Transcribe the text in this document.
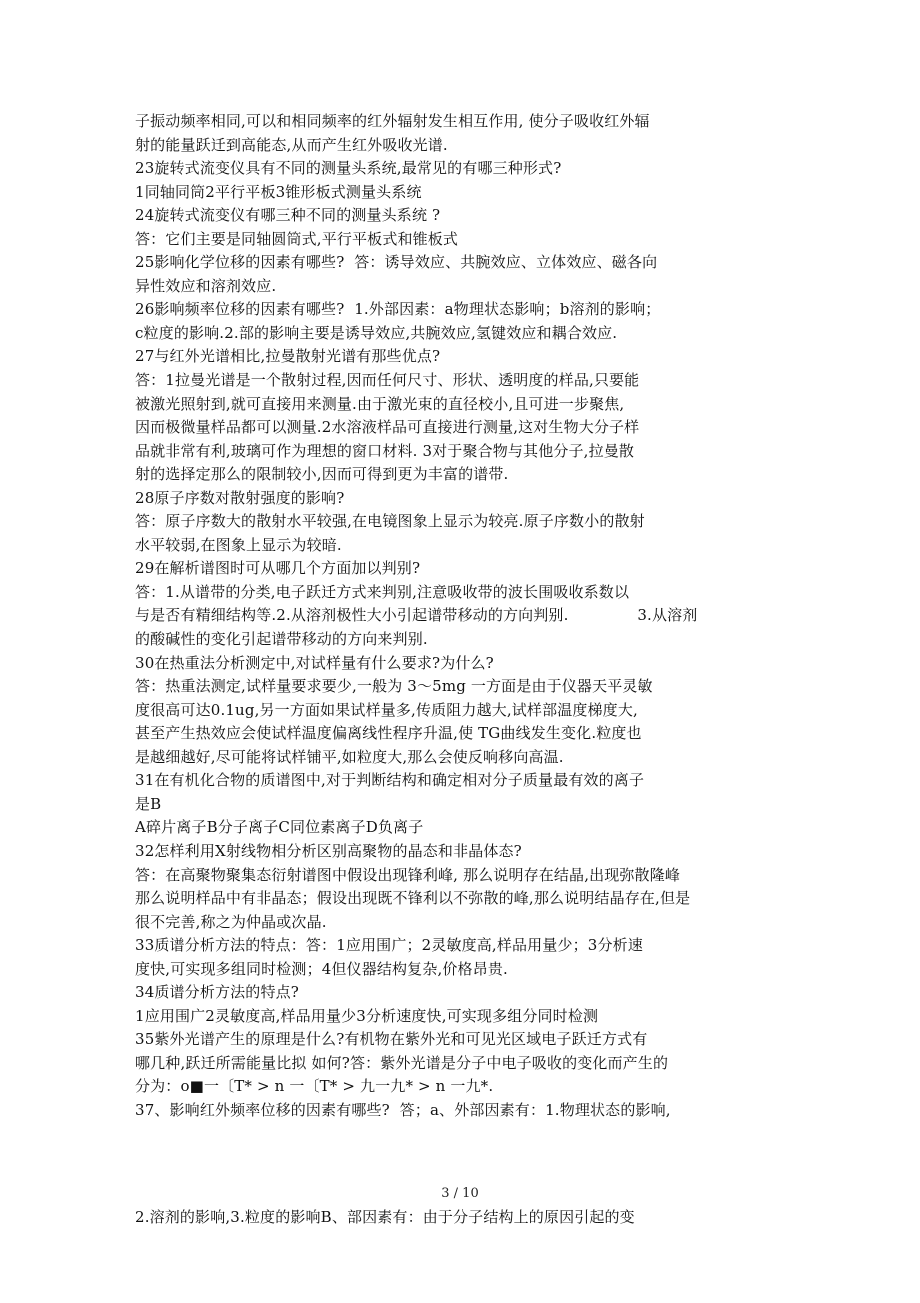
子振动频率相同,可以和相同频率的红外辐射发生相互作用, 使分子吸收红外辐
射的能量跃迁到高能态,从而产生红外吸收光谱.
23旋转式流变仪具有不同的测量头系统,最常见的有哪三种形式?
1同轴同筒2平行平板3锥形板式测量头系统
24旋转式流变仪有哪三种不同的测量头系统 ?
答：它们主要是同轴圆筒式,平行平板式和锥板式
25影响化学位移的因素有哪些?  答：诱导效应、共腕效应、立体效应、磁各向
异性效应和溶剂效应.
26影响频率位移的因素有哪些?  1.外部因素：a物理状态影响；b溶剂的影响；
c粒度的影响.2.部的影响主要是诱导效应,共腕效应,氢键效应和耦合效应.
27与红外光谱相比,拉曼散射光谱有那些优点?
答：1拉曼光谱是一个散射过程,因而任何尺寸、形状、透明度的样品,只要能
被激光照射到,就可直接用来测量.由于激光束的直径校小,且可进一步聚焦,
因而极微量样品都可以测量.2水溶液样品可直接进行测量,这对生物大分子样
品就非常有利,玻璃可作为理想的窗口材料. 3对于聚合物与其他分子,拉曼散
射的选择定那么的限制较小,因而可得到更为丰富的谱带.
28原子序数对散射强度的影响?
答：原子序数大的散射水平较强,在电镜图象上显示为较亮.原子序数小的散射
水平较弱,在图象上显示为较暗.
29在解析谱图时可从哪几个方面加以判别?
答：1.从谱带的分类,电子跃迁方式来判别,注意吸收带的波长围吸收系数以
与是否有精细结构等.2.从溶剂极性大小引起谱带移动的方向判别.              3.从溶剂
的酸碱性的变化引起谱带移动的方向来判别.
30在热重法分析测定中,对试样量有什么要求?为什么?
答：热重法测定,试样量要求要少,一般为 3〜5mg 一方面是由于仪器天平灵敏
度很高可达0.1ug,另一方面如果试样量多,传质阻力越大,试样部温度梯度大,
甚至产生热效应会使试样温度偏离线性程序升温,使 TG曲线发生变化.粒度也
是越细越好,尽可能将试样铺平,如粒度大,那么会使反响移向高温.
31在有机化合物的质谱图中,对于判断结构和确定相对分子质量最有效的离子
是B
A碎片离子B分子离子C同位素离子D负离子
32怎样利用X射线物相分析区别高聚物的晶态和非晶体态?
答：在高聚物聚集态衍射谱图中假设出现锋利峰, 那么说明存在结晶,出现弥散隆峰
那么说明样品中有非晶态；假设出现既不锋利以不弥散的峰,那么说明结晶存在,但是
很不完善,称之为仲晶或次晶.
33质谱分析方法的特点：答：1应用围广；2灵敏度高,样品用量少；3分析速
度快,可实现多组同时检测；4但仪器结构复杂,价格昂贵.
34质谱分析方法的特点?
1应用围广2灵敏度高,样品用量少3分析速度快,可实现多组分同时检测
35紫外光谱产生的原理是什么?有机物在紫外光和可见光区域电子跃迁方式有
哪几种,跃迁所需能量比拟 如何?答：紫外光谱是分子中电子吸收的变化而产生的
分为：o■一〔T* > n 一〔T* > 九一九* > n 一九*.
37、影响红外频率位移的因素有哪些?  答；a、外部因素有：1.物理状态的影响,
3 / 10
2.溶剂的影响,3.粒度的影响B、部因素有：由于分子结构上的原因引起的变
